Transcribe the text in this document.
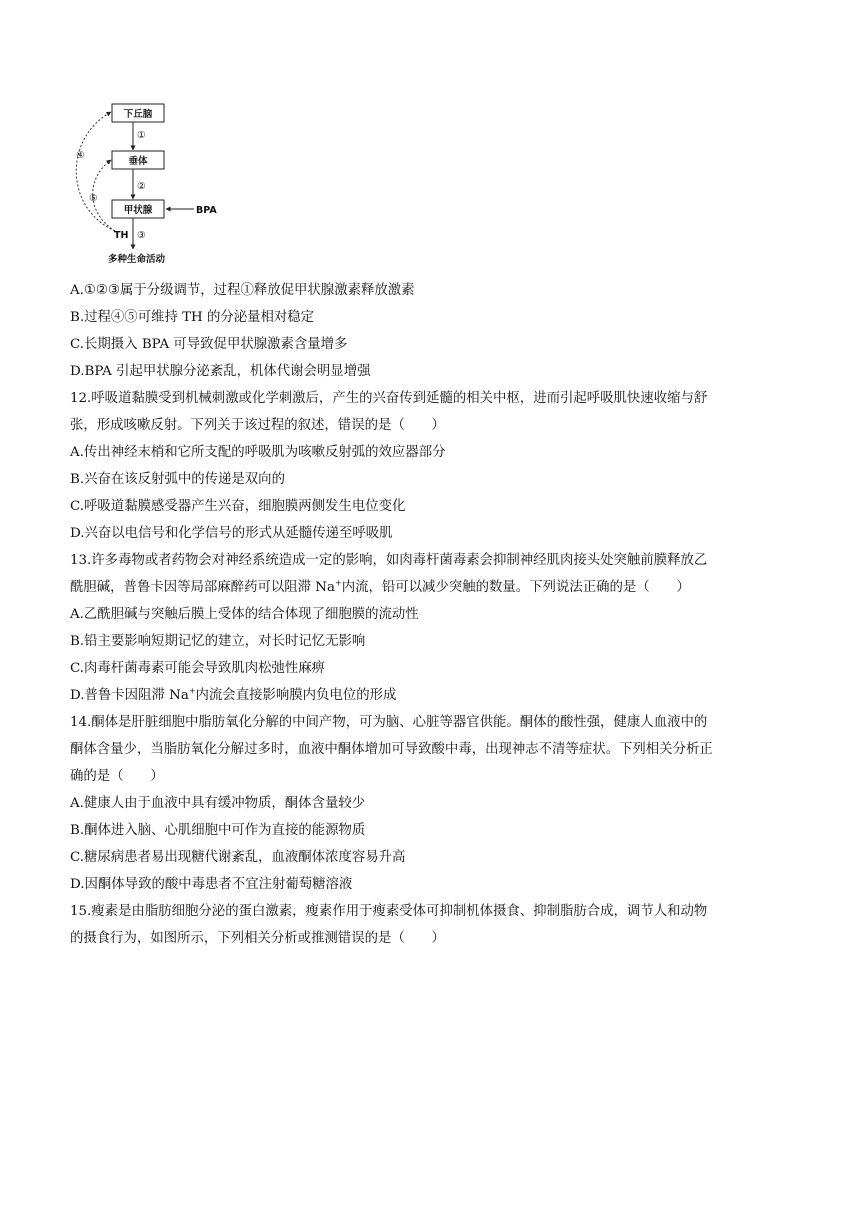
下丘脑
垂体
甲状腺
①
②
③
④
⑤
BPA
TH
多种生命活动
A.①②③属于分级调节，过程①释放促甲状腺激素释放激素
B.过程④⑤可维持 TH 的分泌量相对稳定
C.长期摄入 BPA 可导致促甲状腺激素含量增多
D.BPA 引起甲状腺分泌紊乱，机体代谢会明显增强
12.呼吸道黏膜受到机械刺激或化学刺激后，产生的兴奋传到延髓的相关中枢，进而引起呼吸肌快速收缩与舒
张，形成咳嗽反射。下列关于该过程的叙述，错误的是（　　）
A.传出神经末梢和它所支配的呼吸肌为咳嗽反射弧的效应器部分
B.兴奋在该反射弧中的传递是双向的
C.呼吸道黏膜感受器产生兴奋，细胞膜两侧发生电位变化
D.兴奋以电信号和化学信号的形式从延髓传递至呼吸肌
13.许多毒物或者药物会对神经系统造成一定的影响，如肉毒杆菌毒素会抑制神经肌肉接头处突触前膜释放乙
酰胆碱，普鲁卡因等局部麻醉药可以阻滞 Na+内流，铅可以减少突触的数量。下列说法正确的是（　　）
A.乙酰胆碱与突触后膜上受体的结合体现了细胞膜的流动性
B.铅主要影响短期记忆的建立，对长时记忆无影响
C.肉毒杆菌毒素可能会导致肌肉松弛性麻痹
D.普鲁卡因阻滞 Na+内流会直接影响膜内负电位的形成
14.酮体是肝脏细胞中脂肪氧化分解的中间产物，可为脑、心脏等器官供能。酮体的酸性强，健康人血液中的
酮体含量少，当脂肪氧化分解过多时，血液中酮体增加可导致酸中毒，出现神志不清等症状。下列相关分析正
确的是（　　）
A.健康人由于血液中具有缓冲物质，酮体含量较少
B.酮体进入脑、心肌细胞中可作为直接的能源物质
C.糖尿病患者易出现糖代谢紊乱，血液酮体浓度容易升高
D.因酮体导致的酸中毒患者不宜注射葡萄糖溶液
15.瘦素是由脂肪细胞分泌的蛋白激素，瘦素作用于瘦素受体可抑制机体摄食、抑制脂肪合成，调节人和动物
的摄食行为，如图所示，下列相关分析或推测错误的是（　　）
